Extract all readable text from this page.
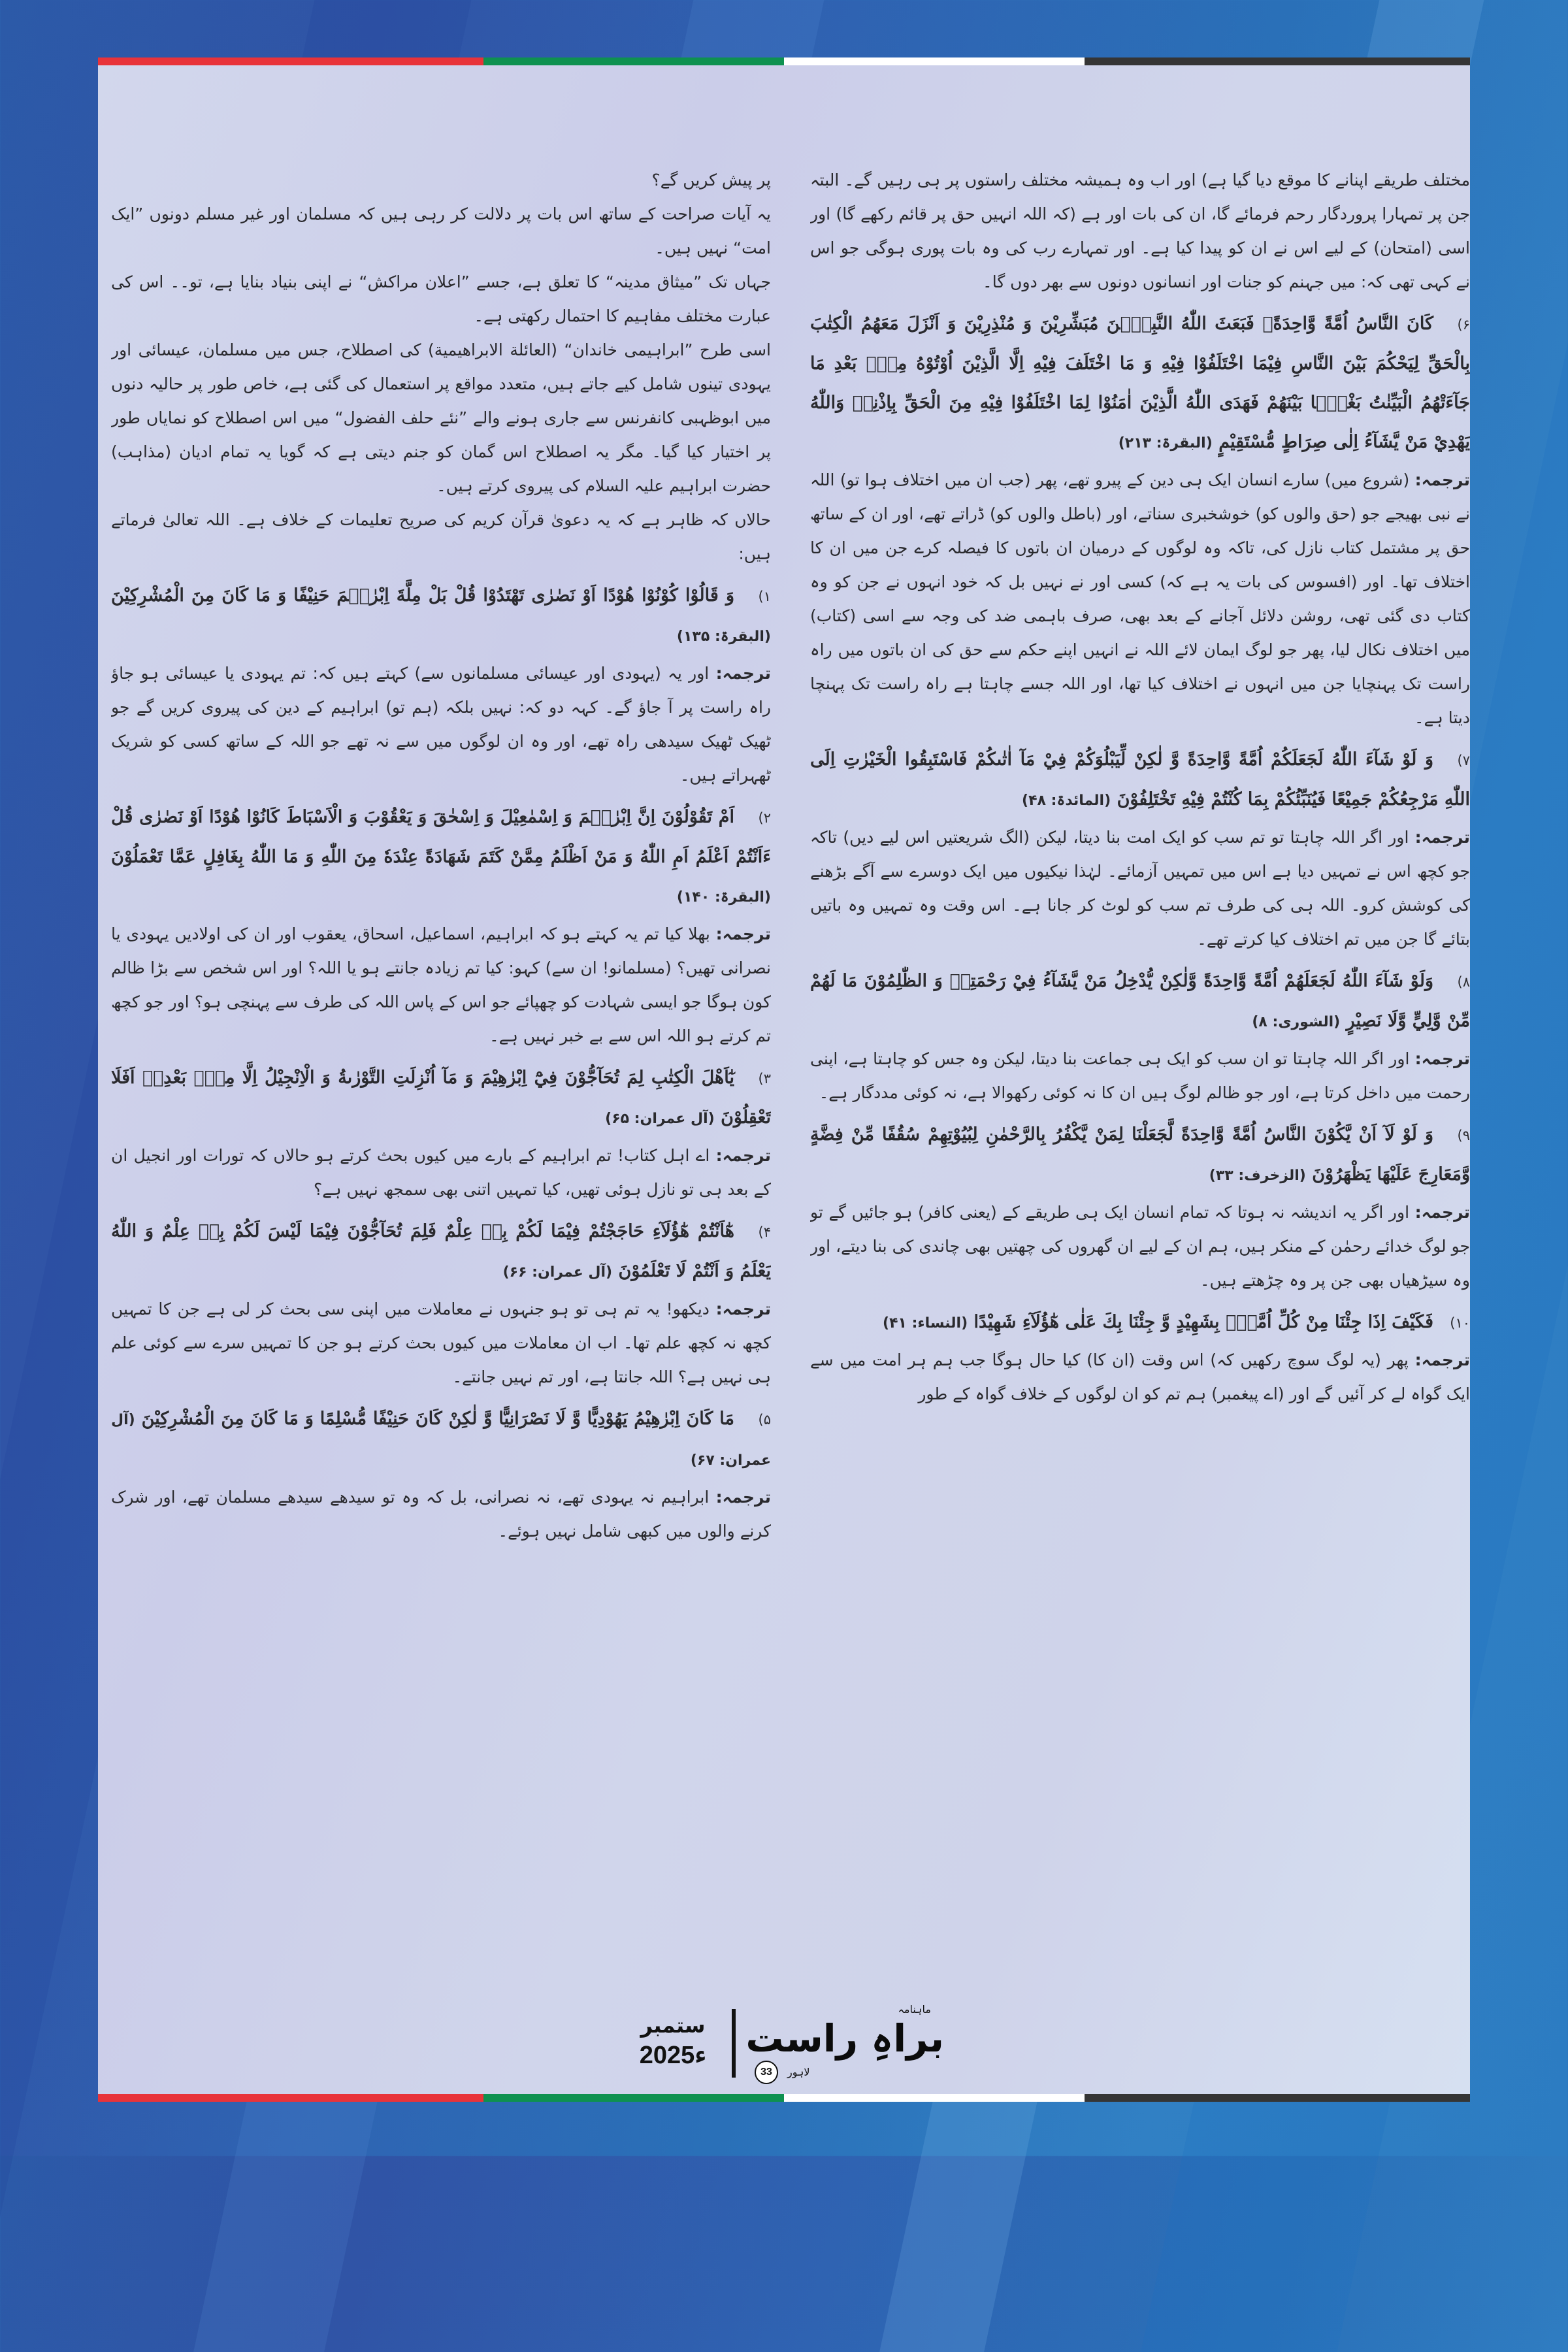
مختلف طریقے اپنانے کا موقع دیا گیا ہے) اور اب وہ ہمیشہ مختلف راستوں پر ہی رہیں گے۔ البتہ جن پر تمہارا پروردگار رحم فرمائے گا، ان کی بات اور ہے (کہ اللہ انہیں حق پر قائم رکھے گا) اور اسی (امتحان) کے لیے اس نے ان کو پیدا کیا ہے۔ اور تمہارے رب کی وہ بات پوری ہوگی جو اس نے کہی تھی کہ: میں جہنم کو جنات اور انسانوں دونوں سے بھر دوں گا۔

۶)كَانَ النَّاسُ اُمَّةً وَّاحِدَةً۔ فَبَعَثَ اللّٰهُ النَّبِيّٖنَ مُبَشِّرِيْنَ وَ مُنْذِرِيْنَ وَ اَنْزَلَ مَعَهُمُ الْكِتٰبَ بِالْحَقِّ لِيَحْكُمَ بَيْنَ النَّاسِ فِيْمَا اخْتَلَفُوْا فِيْهِ وَ مَا اخْتَلَفَ فِيْهِ اِلَّا الَّذِيْنَ اُوْتُوْهُ مِنْۢ بَعْدِ مَا جَآءَتْهُمُ الْبَيِّنٰتُ بَغْيًۢا بَيْنَهُمْ فَهَدَى اللّٰهُ الَّذِيْنَ اٰمَنُوْا لِمَا اخْتَلَفُوْا فِيْهِ مِنَ الْحَقِّ بِاِذْنِهٖ وَاللّٰهُ يَهْدِيْ مَنْ يَّشَآءُ اِلٰى صِرَاطٍ مُّسْتَقِيْمٍ (البقرۃ: ۲۱۳)

ترجمہ: (شروع میں) سارے انسان ایک ہی دین کے پیرو تھے، پھر (جب ان میں اختلاف ہوا تو) اللہ نے نبی بھیجے جو (حق والوں کو) خوشخبری سناتے، اور (باطل والوں کو) ڈراتے تھے، اور ان کے ساتھ حق پر مشتمل کتاب نازل کی، تاکہ وہ لوگوں کے درمیان ان باتوں کا فیصلہ کرے جن میں ان کا اختلاف تھا۔ اور (افسوس کی بات یہ ہے کہ) کسی اور نے نہیں بل کہ خود انہوں نے جن کو وہ کتاب دی گئی تھی، روشن دلائل آجانے کے بعد بھی، صرف باہمی ضد کی وجہ سے اسی (کتاب) میں اختلاف نکال لیا، پھر جو لوگ ایمان لائے اللہ نے انہیں اپنے حکم سے حق کی ان باتوں میں راہ راست تک پہنچایا جن میں انہوں نے اختلاف کیا تھا، اور اللہ جسے چاہتا ہے راہ راست تک پہنچا دیتا ہے۔

۷)وَ لَوْ شَآءَ اللّٰهُ لَجَعَلَكُمْ اُمَّةً وَّاحِدَةً وَّ لٰكِنْ لِّيَبْلُوَكُمْ فِيْ مَآ اٰتٰىكُمْ فَاسْتَبِقُوا الْخَيْرٰتِ اِلَى اللّٰهِ مَرْجِعُكُمْ جَمِيْعًا فَيُنَبِّئُكُمْ بِمَا كُنْتُمْ فِيْهِ تَخْتَلِفُوْنَ (المائدۃ: ۴۸)

ترجمہ: اور اگر اللہ چاہتا تو تم سب کو ایک امت بنا دیتا، لیکن (الگ شریعتیں اس لیے دیں) تاکہ جو کچھ اس نے تمہیں دیا ہے اس میں تمہیں آزمائے۔ لہٰذا نیکیوں میں ایک دوسرے سے آگے بڑھنے کی کوشش کرو۔ اللہ ہی کی طرف تم سب کو لوٹ کر جانا ہے۔ اس وقت وہ تمہیں وہ باتیں بتائے گا جن میں تم اختلاف کیا کرتے تھے۔

۸)وَلَوْ شَآءَ اللّٰهُ لَجَعَلَهُمْ اُمَّةً وَّاحِدَةً وَّلٰكِنْ يُّدْخِلُ مَنْ يَّشَآءُ فِيْ رَحْمَتِهٖ وَ الظّٰلِمُوْنَ مَا لَهُمْ مِّنْ وَّلِيٍّ وَّلَا نَصِيْرٍ (الشوری: ۸)

ترجمہ: اور اگر اللہ چاہتا تو ان سب کو ایک ہی جماعت بنا دیتا، لیکن وہ جس کو چاہتا ہے، اپنی رحمت میں داخل کرتا ہے، اور جو ظالم لوگ ہیں ان کا نہ کوئی رکھوالا ہے، نہ کوئی مددگار ہے۔

۹)وَ لَوْ لَآ اَنْ يَّكُوْنَ النَّاسُ اُمَّةً وَّاحِدَةً لَّجَعَلْنَا لِمَنْ يَّكْفُرُ بِالرَّحْمٰنِ لِبُيُوْتِهِمْ سُقُفًا مِّنْ فِضَّةٍ وَّمَعَارِجَ عَلَيْهَا يَظْهَرُوْنَ (الزخرف: ۳۳)

ترجمہ: اور اگر یہ اندیشہ نہ ہوتا کہ تمام انسان ایک ہی طریقے کے (یعنی کافر) ہو جائیں گے تو جو لوگ خدائے رحمٰن کے منکر ہیں، ہم ان کے لیے ان گھروں کی چھتیں بھی چاندی کی بنا دیتے، اور وہ سیڑھیاں بھی جن پر وہ چڑھتے ہیں۔

۱۰)فَكَيْفَ اِذَا جِئْنَا مِنْ كُلِّ اُمَّةٍۢ بِشَهِيْدٍ وَّ جِئْنَا بِكَ عَلٰى هٰٓؤُلَآءِ شَهِيْدًا (النساء: ۴۱)

ترجمہ: پھر (یہ لوگ سوچ رکھیں کہ) اس وقت (ان کا) کیا حال ہوگا جب ہم ہر امت میں سے ایک گواہ لے کر آئیں گے اور (اے پیغمبر) ہم تم کو ان لوگوں کے خلاف گواہ کے طور

پر پیش کریں گے؟

یہ آیات صراحت کے ساتھ اس بات پر دلالت کر رہی ہیں کہ مسلمان اور غیر مسلم دونوں ”ایک امت“ نہیں ہیں۔

جہاں تک ”میثاق مدینہ“ کا تعلق ہے، جسے ”اعلان مراکش“ نے اپنی بنیاد بنایا ہے، تو۔۔ اس کی عبارت مختلف مفاہیم کا احتمال رکھتی ہے۔

اسی طرح ”ابراہیمی خاندان“ (العائلة الابراهيمية) کی اصطلاح، جس میں مسلمان، عیسائی اور یہودی تینوں شامل کیے جاتے ہیں، متعدد مواقع پر استعمال کی گئی ہے، خاص طور پر حالیہ دنوں میں ابوظہبی کانفرنس سے جاری ہونے والے ”نئے حلف الفضول“ میں اس اصطلاح کو نمایاں طور پر اختیار کیا گیا۔ مگر یہ اصطلاح اس گمان کو جنم دیتی ہے کہ گویا یہ تمام ادیان (مذاہب) حضرت ابراہیم علیہ السلام کی پیروی کرتے ہیں۔

حالاں کہ ظاہر ہے کہ یہ دعویٰ قرآن کریم کی صریح تعلیمات کے خلاف ہے۔ اللہ تعالیٰ فرماتے ہیں:

۱)وَ قَالُوْا كُوْنُوْا هُوْدًا اَوْ نَصٰرٰى تَهْتَدُوْا قُلْ بَلْ مِلَّةَ اِبْرٰهٖمَ حَنِيْفًا وَ مَا كَانَ مِنَ الْمُشْرِكِيْنَ (البقرۃ: ۱۳۵)

ترجمہ: اور یہ (یہودی اور عیسائی مسلمانوں سے) کہتے ہیں کہ: تم یہودی یا عیسائی ہو جاؤ راہ راست پر آ جاؤ گے۔ کہہ دو کہ: نہیں بلکہ (ہم تو) ابراہیم کے دین کی پیروی کریں گے جو ٹھیک ٹھیک سیدھی راہ تھے، اور وہ ان لوگوں میں سے نہ تھے جو اللہ کے ساتھ کسی کو شریک ٹھہراتے ہیں۔

۲)اَمْ تَقُوْلُوْنَ اِنَّ اِبْرٰهٖمَ وَ اِسْمٰعِيْلَ وَ اِسْحٰقَ وَ يَعْقُوْبَ وَ الْاَسْبَاطَ كَانُوْا هُوْدًا اَوْ نَصٰرٰى قُلْ ءَاَنْتُمْ اَعْلَمُ اَمِ اللّٰهُ وَ مَنْ اَظْلَمُ مِمَّنْ كَتَمَ شَهَادَةً عِنْدَهٗ مِنَ اللّٰهِ وَ مَا اللّٰهُ بِغَافِلٍ عَمَّا تَعْمَلُوْنَ (البقرۃ: ۱۴۰)

ترجمہ: بھلا کیا تم یہ کہتے ہو کہ ابراہیم، اسماعیل، اسحاق، یعقوب اور ان کی اولادیں یہودی یا نصرانی تھیں؟ (مسلمانو! ان سے) کہو: کیا تم زیادہ جانتے ہو یا اللہ؟ اور اس شخص سے بڑا ظالم کون ہوگا جو ایسی شہادت کو چھپائے جو اس کے پاس اللہ کی طرف سے پہنچی ہو؟ اور جو کچھ تم کرتے ہو اللہ اس سے بے خبر نہیں ہے۔

۳)يٰٓاَهْلَ الْكِتٰبِ لِمَ تُحَآجُّوْنَ فِيْٓ اِبْرٰهِيْمَ وَ مَآ اُنْزِلَتِ التَّوْرٰىةُ وَ الْاِنْجِيْلُ اِلَّا مِنْۢ بَعْدِهٖ اَفَلَا تَعْقِلُوْنَ (آل عمران: ۶۵)

ترجمہ: اے اہل کتاب! تم ابراہیم کے بارے میں کیوں بحث کرتے ہو حالاں کہ تورات اور انجیل ان کے بعد ہی تو نازل ہوئی تھیں، کیا تمہیں اتنی بھی سمجھ نہیں ہے؟

۴)هٰٓاَنْتُمْ هٰٓؤُلَآءِ حَاجَجْتُمْ فِيْمَا لَكُمْ بِهٖ عِلْمٌ فَلِمَ تُحَآجُّوْنَ فِيْمَا لَيْسَ لَكُمْ بِهٖ عِلْمٌ وَ اللّٰهُ يَعْلَمُ وَ اَنْتُمْ لَا تَعْلَمُوْنَ (آل عمران: ۶۶)

ترجمہ: دیکھو! یہ تم ہی تو ہو جنہوں نے معاملات میں اپنی سی بحث کر لی ہے جن کا تمہیں کچھ نہ کچھ علم تھا۔ اب ان معاملات میں کیوں بحث کرتے ہو جن کا تمہیں سرے سے کوئی علم ہی نہیں ہے؟ اللہ جانتا ہے، اور تم نہیں جانتے۔

۵)مَا كَانَ اِبْرٰهِيْمُ يَهُوْدِيًّا وَّ لَا نَصْرَانِيًّا وَّ لٰكِنْ كَانَ حَنِيْفًا مُّسْلِمًا وَ مَا كَانَ مِنَ الْمُشْرِكِيْنَ (آل عمران: ۶۷)

ترجمہ: ابراہیم نہ یہودی تھے، نہ نصرانی، بل کہ وہ تو سیدھے سیدھے مسلمان تھے، اور شرک کرنے والوں میں کبھی شامل نہیں ہوئے۔

ستمبر
2025ء
ماہنامہ
براہِ راست
33	لاہور
